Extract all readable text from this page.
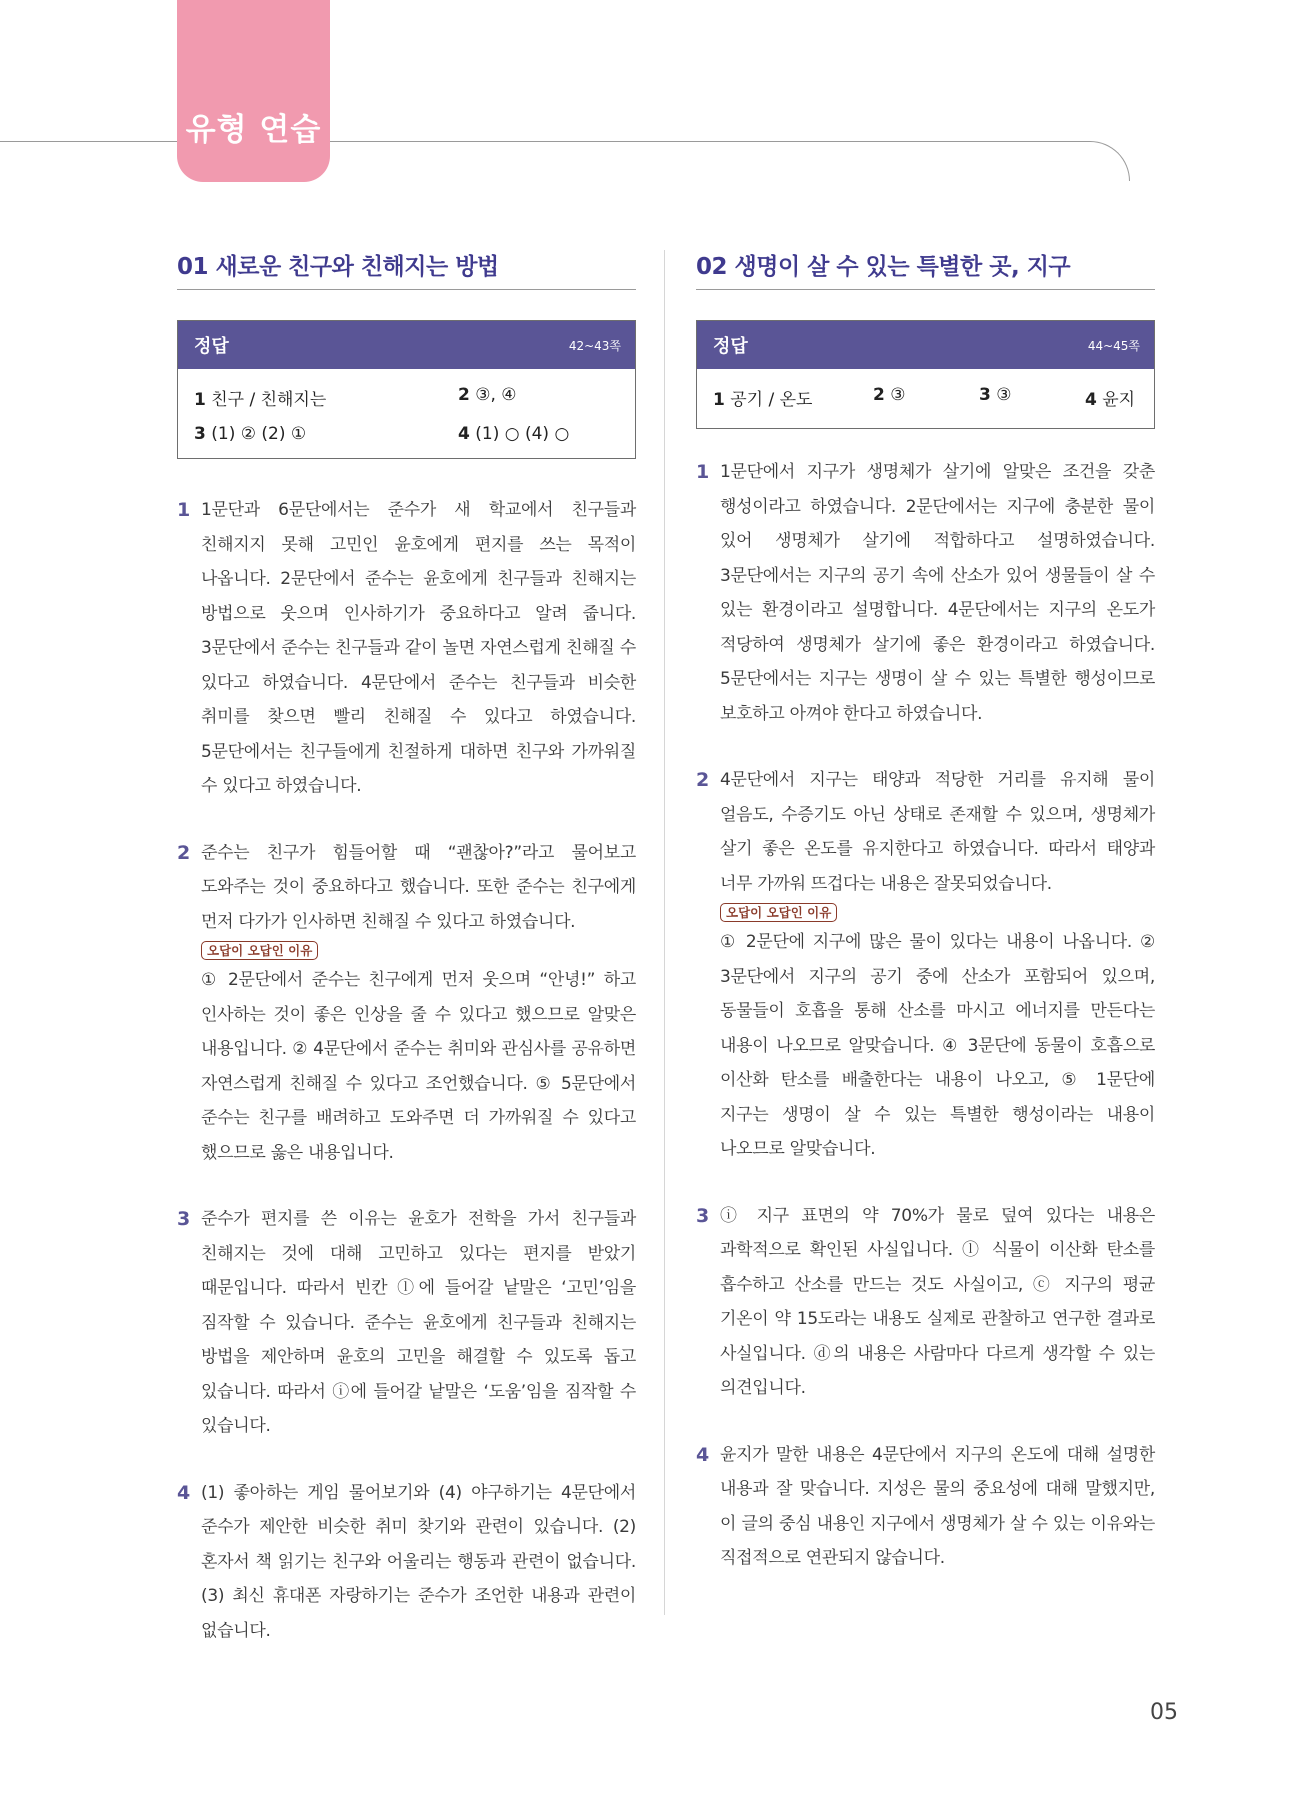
유형 연습
01 새로운 친구와 친해지는 방법
정답	42~43쪽
1 친구 / 친해지는	2 ③, ④
3 (1) ② (2) ①	4 (1) ○ (4) ○
1 1문단과 6문단에서는 준수가 새 학교에서 친구들과 친해지지 못해 고민인 윤호에게 편지를 쓰는 목적이 나옵니다. 2문단에서 준수는 윤호에게 친구들과 친해지는 방법으로 웃으며 인사하기가 중요하다고 알려 줍니다. 3문단에서 준수는 친구들과 같이 놀면 자연스럽게 친해질 수 있다고 하였습니다. 4문단에서 준수는 친구들과 비슷한 취미를 찾으면 빨리 친해질 수 있다고 하였습니다. 5문단에서는 친구들에게 친절하게 대하면 친구와 가까워질 수 있다고 하였습니다.

2 준수는 친구가 힘들어할 때 “괜찮아?”라고 물어보고 도와주는 것이 중요하다고 했습니다. 또한 준수는 친구에게 먼저 다가가 인사하면 친해질 수 있다고 하였습니다.

오답이 오답인 이유

① 2문단에서 준수는 친구에게 먼저 웃으며 “안녕!” 하고 인사하는 것이 좋은 인상을 줄 수 있다고 했으므로 알맞은 내용입니다. ② 4문단에서 준수는 취미와 관심사를 공유하면 자연스럽게 친해질 수 있다고 조언했습니다. ⑤ 5문단에서 준수는 친구를 배려하고 도와주면 더 가까워질 수 있다고 했으므로 옳은 내용입니다.

3 준수가 편지를 쓴 이유는 윤호가 전학을 가서 친구들과 친해지는 것에 대해 고민하고 있다는 편지를 받았기 때문입니다. 따라서 빈칸 ⓛ에 들어갈 낱말은 ‘고민’임을 짐작할 수 있습니다. 준수는 윤호에게 친구들과 친해지는 방법을 제안하며 윤호의 고민을 해결할 수 있도록 돕고 있습니다. 따라서 ⓘ에 들어갈 낱말은 ‘도움’임을 짐작할 수 있습니다.

4 (1) 좋아하는 게임 물어보기와 (4) 야구하기는 4문단에서 준수가 제안한 비슷한 취미 찾기와 관련이 있습니다. (2) 혼자서 책 읽기는 친구와 어울리는 행동과 관련이 없습니다. (3) 최신 휴대폰 자랑하기는 준수가 조언한 내용과 관련이 없습니다.

02 생명이 살 수 있는 특별한 곳, 지구
정답	44~45쪽
1 공기 / 온도	2 ③	3 ③	4 윤지
1 1문단에서 지구가 생명체가 살기에 알맞은 조건을 갖춘 행성이라고 하였습니다. 2문단에서는 지구에 충분한 물이 있어 생명체가 살기에 적합하다고 설명하였습니다. 3문단에서는 지구의 공기 속에 산소가 있어 생물들이 살 수 있는 환경이라고 설명합니다. 4문단에서는 지구의 온도가 적당하여 생명체가 살기에 좋은 환경이라고 하였습니다. 5문단에서는 지구는 생명이 살 수 있는 특별한 행성이므로 보호하고 아껴야 한다고 하였습니다.

2 4문단에서 지구는 태양과 적당한 거리를 유지해 물이 얼음도, 수증기도 아닌 상태로 존재할 수 있으며, 생명체가 살기 좋은 온도를 유지한다고 하였습니다. 따라서 태양과 너무 가까워 뜨겁다는 내용은 잘못되었습니다.

오답이 오답인 이유

① 2문단에 지구에 많은 물이 있다는 내용이 나옵니다. ② 3문단에서 지구의 공기 중에 산소가 포함되어 있으며, 동물들이 호흡을 통해 산소를 마시고 에너지를 만든다는 내용이 나오므로 알맞습니다. ④ 3문단에 동물이 호흡으로 이산화 탄소를 배출한다는 내용이 나오고, ⑤ 1문단에 지구는 생명이 살 수 있는 특별한 행성이라는 내용이 나오므로 알맞습니다.

3 ⓘ 지구 표면의 약 70%가 물로 덮여 있다는 내용은 과학적으로 확인된 사실입니다. ⓛ 식물이 이산화 탄소를 흡수하고 산소를 만드는 것도 사실이고, ⓒ 지구의 평균 기온이 약 15도라는 내용도 실제로 관찰하고 연구한 결과로 사실입니다. ⓓ의 내용은 사람마다 다르게 생각할 수 있는 의견입니다.

4 윤지가 말한 내용은 4문단에서 지구의 온도에 대해 설명한 내용과 잘 맞습니다. 지성은 물의 중요성에 대해 말했지만, 이 글의 중심 내용인 지구에서 생명체가 살 수 있는 이유와는 직접적으로 연관되지 않습니다.

05
